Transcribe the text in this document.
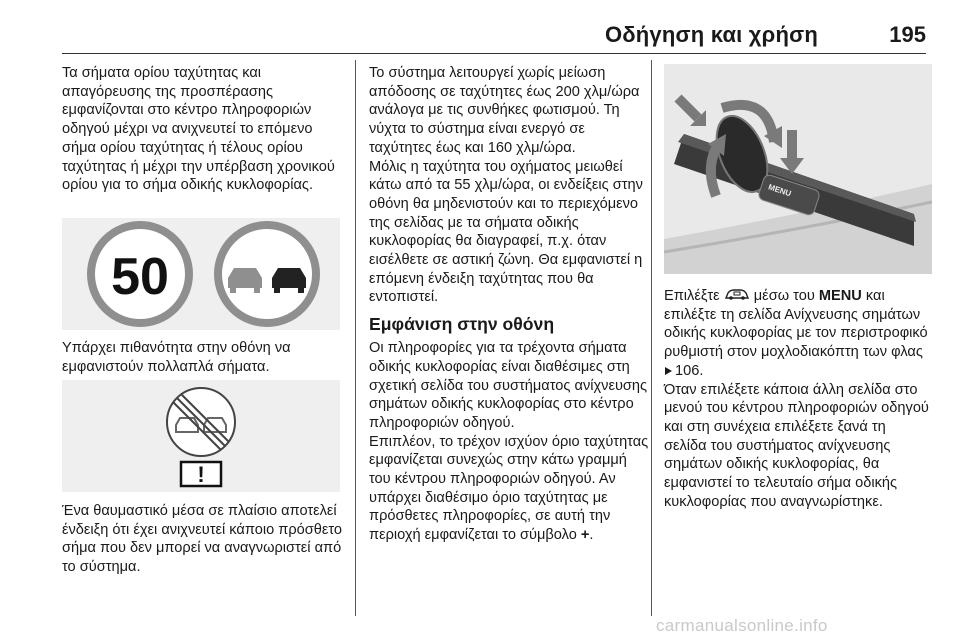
Οδήγηση και χρήση	195

Τα σήματα ορίου ταχύτητας και απαγόρευσης της προσπέρασης εμφανίζονται στο κέντρο πληροφοριών οδηγού μέχρι να ανιχνευτεί το επόμενο σήμα ορίου ταχύτητας ή τέλους ορίου ταχύτητας ή μέχρι την υπέρβαση χρονικού ορίου για το σήμα οδικής κυκλοφορίας.

50

Υπάρχει πιθανότητα στην οθόνη να εμφανιστούν πολλαπλά σήματα.

!

Ένα θαυμαστικό μέσα σε πλαίσιο αποτελεί ένδειξη ότι έχει ανιχνευτεί κάποιο πρόσθετο σήμα που δεν μπορεί να αναγνωριστεί από το σύστημα.

Το σύστημα λειτουργεί χωρίς μείωση απόδοσης σε ταχύτητες έως 200 χλμ/ώρα ανάλογα με τις συνθήκες φωτισμού. Τη νύχτα το σύστημα είναι ενεργό σε ταχύτητες έως και 160 χλμ/ώρα.

Μόλις η ταχύτητα του οχήματος μειωθεί κάτω από τα 55 χλμ/ώρα, οι ενδείξεις στην οθόνη θα μηδενιστούν και το περιεχόμενο της σελίδας με τα σήματα οδικής κυκλοφορίας θα διαγραφεί, π.χ. όταν εισέλθετε σε αστική ζώνη. Θα εμφανιστεί η επόμενη ένδειξη ταχύτητας που θα εντοπιστεί.

Εμφάνιση στην οθόνη

Οι πληροφορίες για τα τρέχοντα σήματα οδικής κυκλοφορίας είναι διαθέσιμες στη σχετική σελίδα του συστήματος ανίχνευσης σημάτων οδικής κυκλοφορίας στο κέντρο πληροφοριών οδηγού.

Επιπλέον, το τρέχον ισχύον όριο ταχύτητας εμφανίζεται συνεχώς στην κάτω γραμμή του κέντρου πληροφοριών οδηγού. Αν υπάρχει διαθέσιμο όριο ταχύτητας με πρόσθετες πληροφορίες, σε αυτή την περιοχή εμφανίζεται το σύμβολο +.

MENU

Επιλέξτε  μέσω του MENU και επιλέξτε τη σελίδα Ανίχνευσης σημάτων οδικής κυκλοφορίας με τον περιστροφικό ρυθμιστή στον μοχλοδιακόπτη των φλας 106.

Όταν επιλέξετε κάποια άλλη σελίδα στο μενού του κέντρου πληροφοριών οδηγού και στη συνέχεια επιλέξετε ξανά τη σελίδα του συστήματος ανίχνευσης σημάτων οδικής κυκλοφορίας, θα εμφανιστεί το τελευταίο σήμα οδικής κυκλοφορίας που αναγνωρίστηκε.

carmanualsonline.info
